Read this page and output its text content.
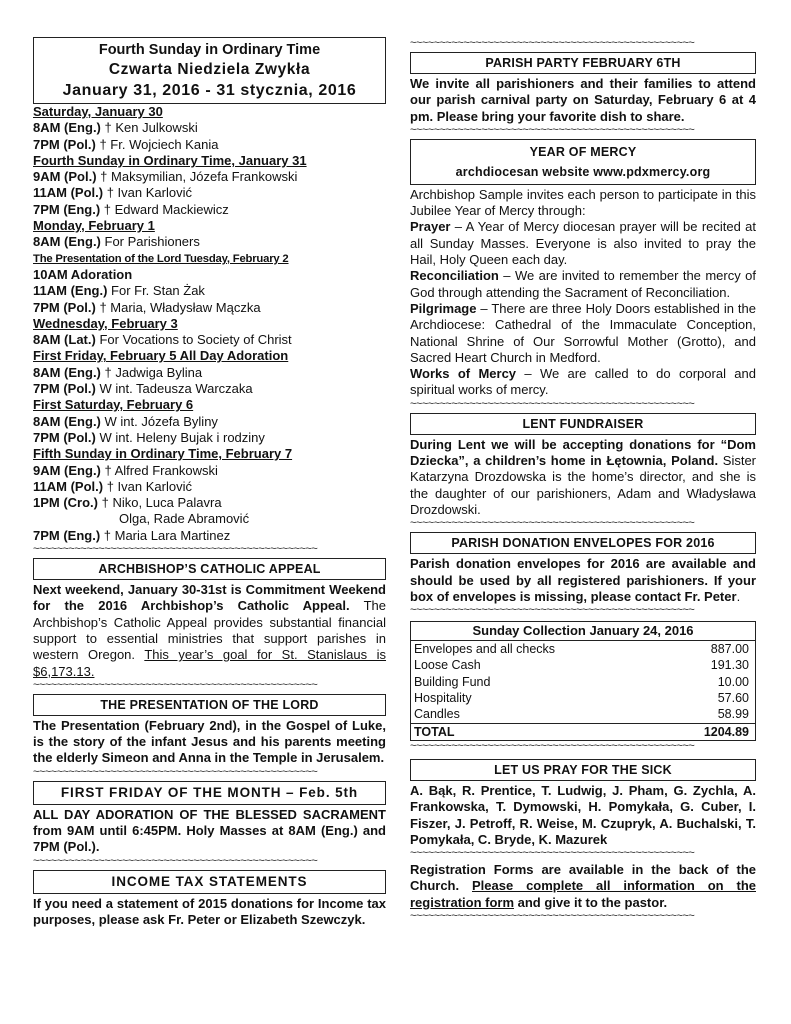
Fourth Sunday in Ordinary Time
Czwarta Niedziela Zwykła
January 31, 2016 - 31 stycznia, 2016
Saturday, January 30
8AM (Eng.) † Ken Julkowski
7PM (Pol.) † Fr. Wojciech Kania
Fourth Sunday in Ordinary Time, January 31
9AM (Pol.) † Maksymilian, Józefa Frankowski
11AM (Pol.) † Ivan Karlović
7PM (Eng.) † Edward Mackiewicz
Monday, February 1
8AM (Eng.) For Parishioners
The Presentation of the Lord Tuesday, February 2
10AM Adoration
11AM (Eng.) For Fr. Stan Żak
7PM (Pol.) † Maria, Władysław Mączka
Wednesday, February 3
8AM (Lat.) For Vocations to Society of Christ
First Friday, February 5 All Day Adoration
8AM (Eng.) † Jadwiga Bylina
7PM (Pol.) W int. Tadeusza Warczaka
First Saturday, February 6
8AM (Eng.) W int. Józefa Byliny
7PM (Pol.) W int. Heleny Bujak i rodziny
Fifth Sunday in Ordinary Time, February 7
9AM (Eng.) † Alfred Frankowski
11AM (Pol.) † Ivan Karlović
1PM (Cro.) † Niko, Luca Palavra
Olga, Rade Abramović
7PM (Eng.) † Maria Lara Martinez
~~~~~~~~~~~~~~~~~~~~~~~~~~~~~~~~~~~~~~~~~~~~~~~~
ARCHBISHOP’S CATHOLIC APPEAL
Next weekend, January 30-31st is Commitment Weekend for the 2016 Archbishop’s Catholic Appeal. The Archbishop’s Catholic Appeal provides substantial financial support to essential ministries that support parishes in western Oregon. This year’s goal for St. Stanislaus is $6,173.13.
~~~~~~~~~~~~~~~~~~~~~~~~~~~~~~~~~~~~~~~~~~~~~~~~
THE PRESENTATION OF THE LORD
The Presentation (February 2nd), in the Gospel of Luke, is the story of the infant Jesus and his parents meeting the elderly Simeon and Anna in the Temple in Jerusalem.
~~~~~~~~~~~~~~~~~~~~~~~~~~~~~~~~~~~~~~~~~~~~~~~~
FIRST FRIDAY OF THE MONTH – Feb. 5th
ALL DAY ADORATION OF THE BLESSED SACRAMENT from 9AM until 6:45PM. Holy Masses at 8AM (Eng.) and 7PM (Pol.).
~~~~~~~~~~~~~~~~~~~~~~~~~~~~~~~~~~~~~~~~~~~~~~~~
INCOME TAX STATEMENTS
If you need a statement of 2015 donations for Income tax purposes, please ask Fr. Peter or Elizabeth Szewczyk.
~~~~~~~~~~~~~~~~~~~~~~~~~~~~~~~~~~~~~~~~~~~~~~~~
PARISH PARTY FEBRUARY 6TH
We invite all parishioners and their families to attend our parish carnival party on Saturday, February 6 at 4 pm. Please bring your favorite dish to share.
~~~~~~~~~~~~~~~~~~~~~~~~~~~~~~~~~~~~~~~~~~~~~~~~
YEAR OF MERCY
archdiocesan website www.pdxmercy.org
Archbishop Sample invites each person to participate in this Jubilee Year of Mercy through:
Prayer – A Year of Mercy diocesan prayer will be recited at all Sunday Masses. Everyone is also invited to pray the Hail, Holy Queen each day.
Reconciliation – We are invited to remember the mercy of God through attending the Sacrament of Reconciliation.
Pilgrimage – There are three Holy Doors established in the Archdiocese: Cathedral of the Immaculate Conception, National Shrine of Our Sorrowful Mother (Grotto), and Sacred Heart Church in Medford.
Works of Mercy – We are called to do corporal and spiritual works of mercy.
~~~~~~~~~~~~~~~~~~~~~~~~~~~~~~~~~~~~~~~~~~~~~~~~
LENT FUNDRAISER
During Lent we will be accepting donations for “Dom Dziecka”, a children’s home in Łętownia, Poland. Sister Katarzyna Drozdowska is the home’s director, and she is the daughter of our parishioners, Adam and Władysława Drozdowski.
~~~~~~~~~~~~~~~~~~~~~~~~~~~~~~~~~~~~~~~~~~~~~~~~
PARISH DONATION ENVELOPES FOR 2016
Parish donation envelopes for 2016 are available and should be used by all registered parishioners. If your box of envelopes is missing, please contact Fr. Peter.
~~~~~~~~~~~~~~~~~~~~~~~~~~~~~~~~~~~~~~~~~~~~~~~~
Sunday Collection January 24, 2016
Envelopes and all checks	887.00
Loose Cash	191.30
Building Fund	10.00
Hospitality	57.60
Candles	58.99
TOTAL	1204.89
~~~~~~~~~~~~~~~~~~~~~~~~~~~~~~~~~~~~~~~~~~~~~~~~
LET US PRAY FOR THE SICK
A. Bąk, R. Prentice, T. Ludwig, J. Pham, G. Zychla, A. Frankowska, T. Dymowski, H. Pomykała, G. Cuber, I. Fiszer, J. Petroff, R. Weise, M. Czupryk, A. Buchalski, T. Pomykała, C. Bryde, K. Mazurek
~~~~~~~~~~~~~~~~~~~~~~~~~~~~~~~~~~~~~~~~~~~~~~~~
Registration Forms are available in the back of the Church. Please complete all information on the registration form and give it to the pastor.
~~~~~~~~~~~~~~~~~~~~~~~~~~~~~~~~~~~~~~~~~~~~~~~~
